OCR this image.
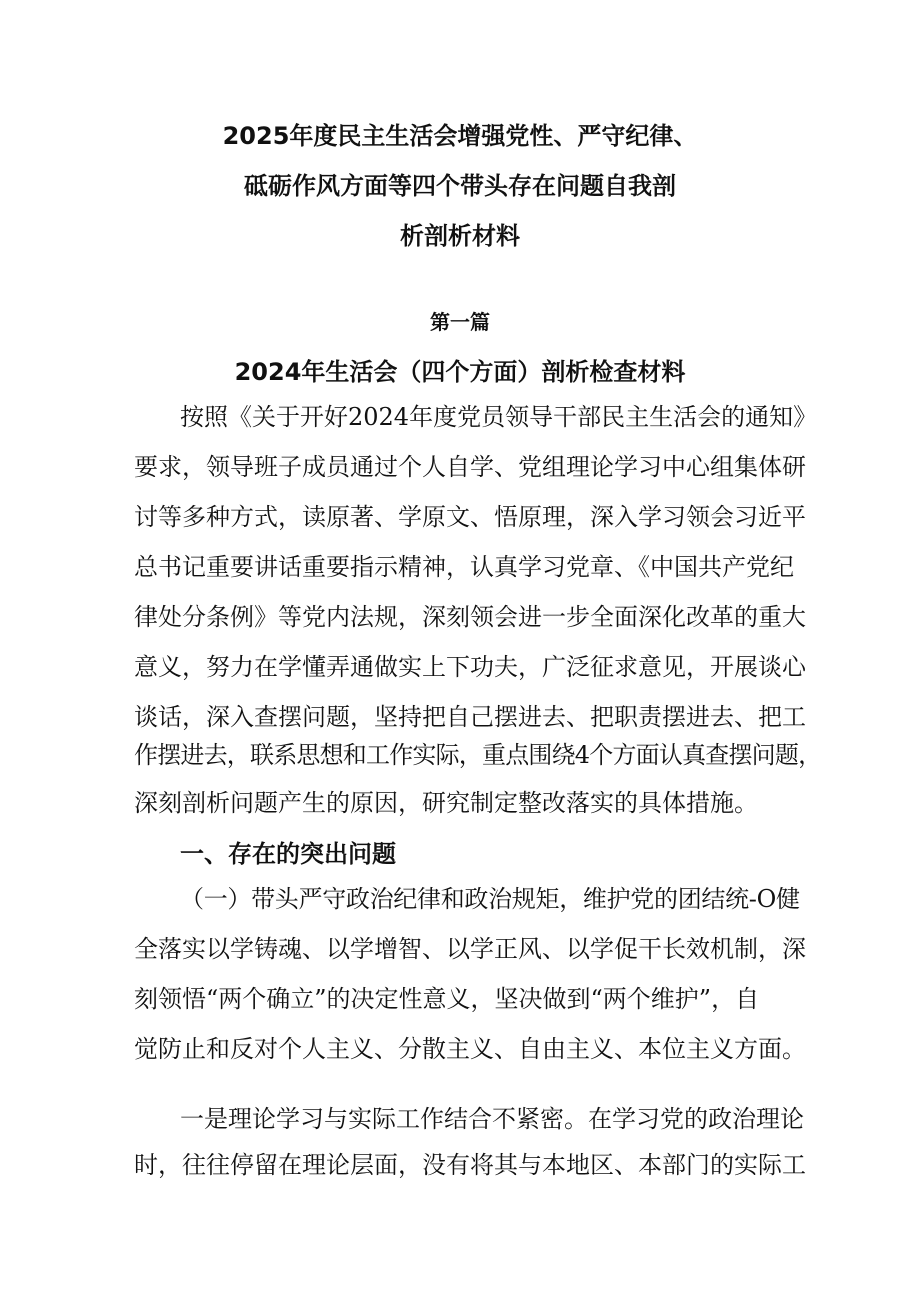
2025年度民主生活会增强党性、严守纪律、
砥砺作风方面等四个带头存在问题自我剖
析剖析材料
第一篇
2024年生活会（四个方面）剖析检查材料
按照《关于开好2024年度党员领导干部民主生活会的通知》
要求，领导班子成员通过个人自学、党组理论学习中心组集体研
讨等多种方式，读原著、学原文、悟原理，深入学习领会习近平
总书记重要讲话重要指示精神，认真学习党章、《中国共产党纪
律处分条例》等党内法规，深刻领会进一步全面深化改革的重大
意义，努力在学懂弄通做实上下功夫，广泛征求意见，开展谈心
谈话，深入查摆问题，坚持把自己摆进去、把职责摆进去、把工
作摆进去，联系思想和工作实际，重点围绕4个方面认真查摆问题，
深刻剖析问题产生的原因，研究制定整改落实的具体措施。
一、存在的突出问题
（一）带头严守政治纪律和政治规矩，维护党的团结统-O健
全落实以学铸魂、以学增智、以学正风、以学促干长效机制，深
刻领悟“两个确立”的决定性意义，坚决做到“两个维护”，自
觉防止和反对个人主义、分散主义、自由主义、本位主义方面。
一是理论学习与实际工作结合不紧密。在学习党的政治理论
时，往往停留在理论层面，没有将其与本地区、本部门的实际工
